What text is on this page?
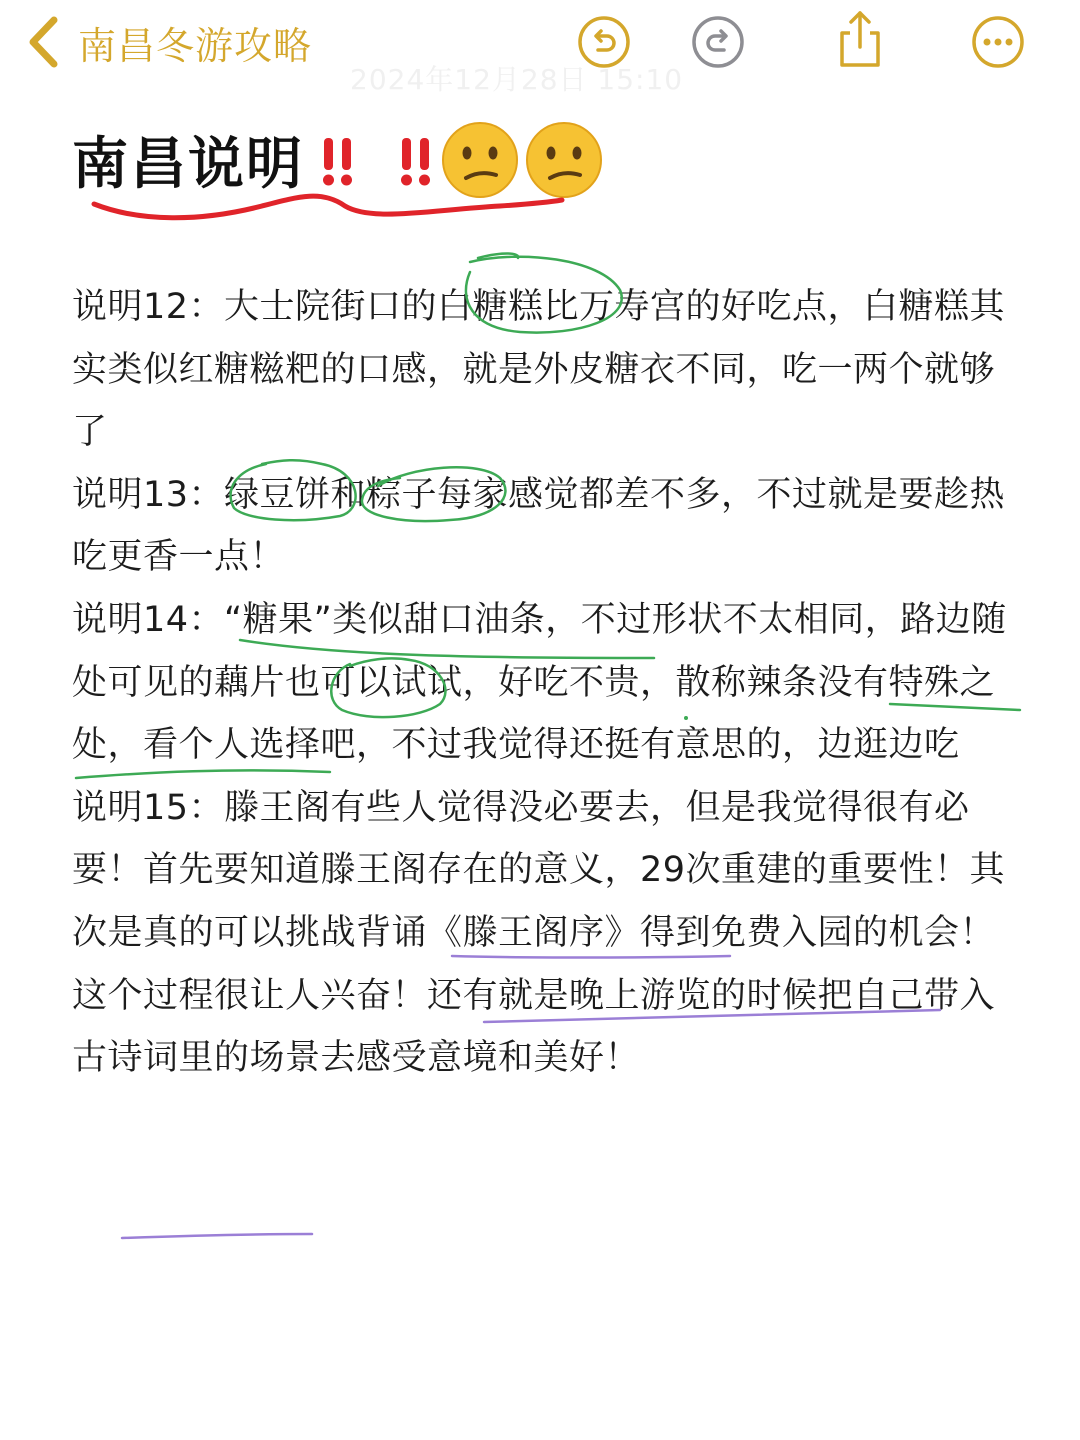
南昌冬游攻略
2024年12月28日 15:10
南昌说明

说明12：大士院街口的白糖糕比万寿宫的好吃点，白糖糕其实类似红糖糍粑的口感，就是外皮糖衣不同，吃一两个就够了

说明13：绿豆饼和粽子每家感觉都差不多，不过就是要趁热吃更香一点！

说明14：“糖果”类似甜口油条，不过形状不太相同，路边随处可见的藕片也可以试试，好吃不贵，散称辣条没有特殊之处，看个人选择吧，不过我觉得还挺有意思的，边逛边吃

说明15：滕王阁有些人觉得没必要去，但是我觉得很有必要！首先要知道滕王阁存在的意义，29次重建的重要性！其次是真的可以挑战背诵《滕王阁序》得到免费入园的机会！这个过程很让人兴奋！还有就是晚上游览的时候把自己带入古诗词里的场景去感受意境和美好！
